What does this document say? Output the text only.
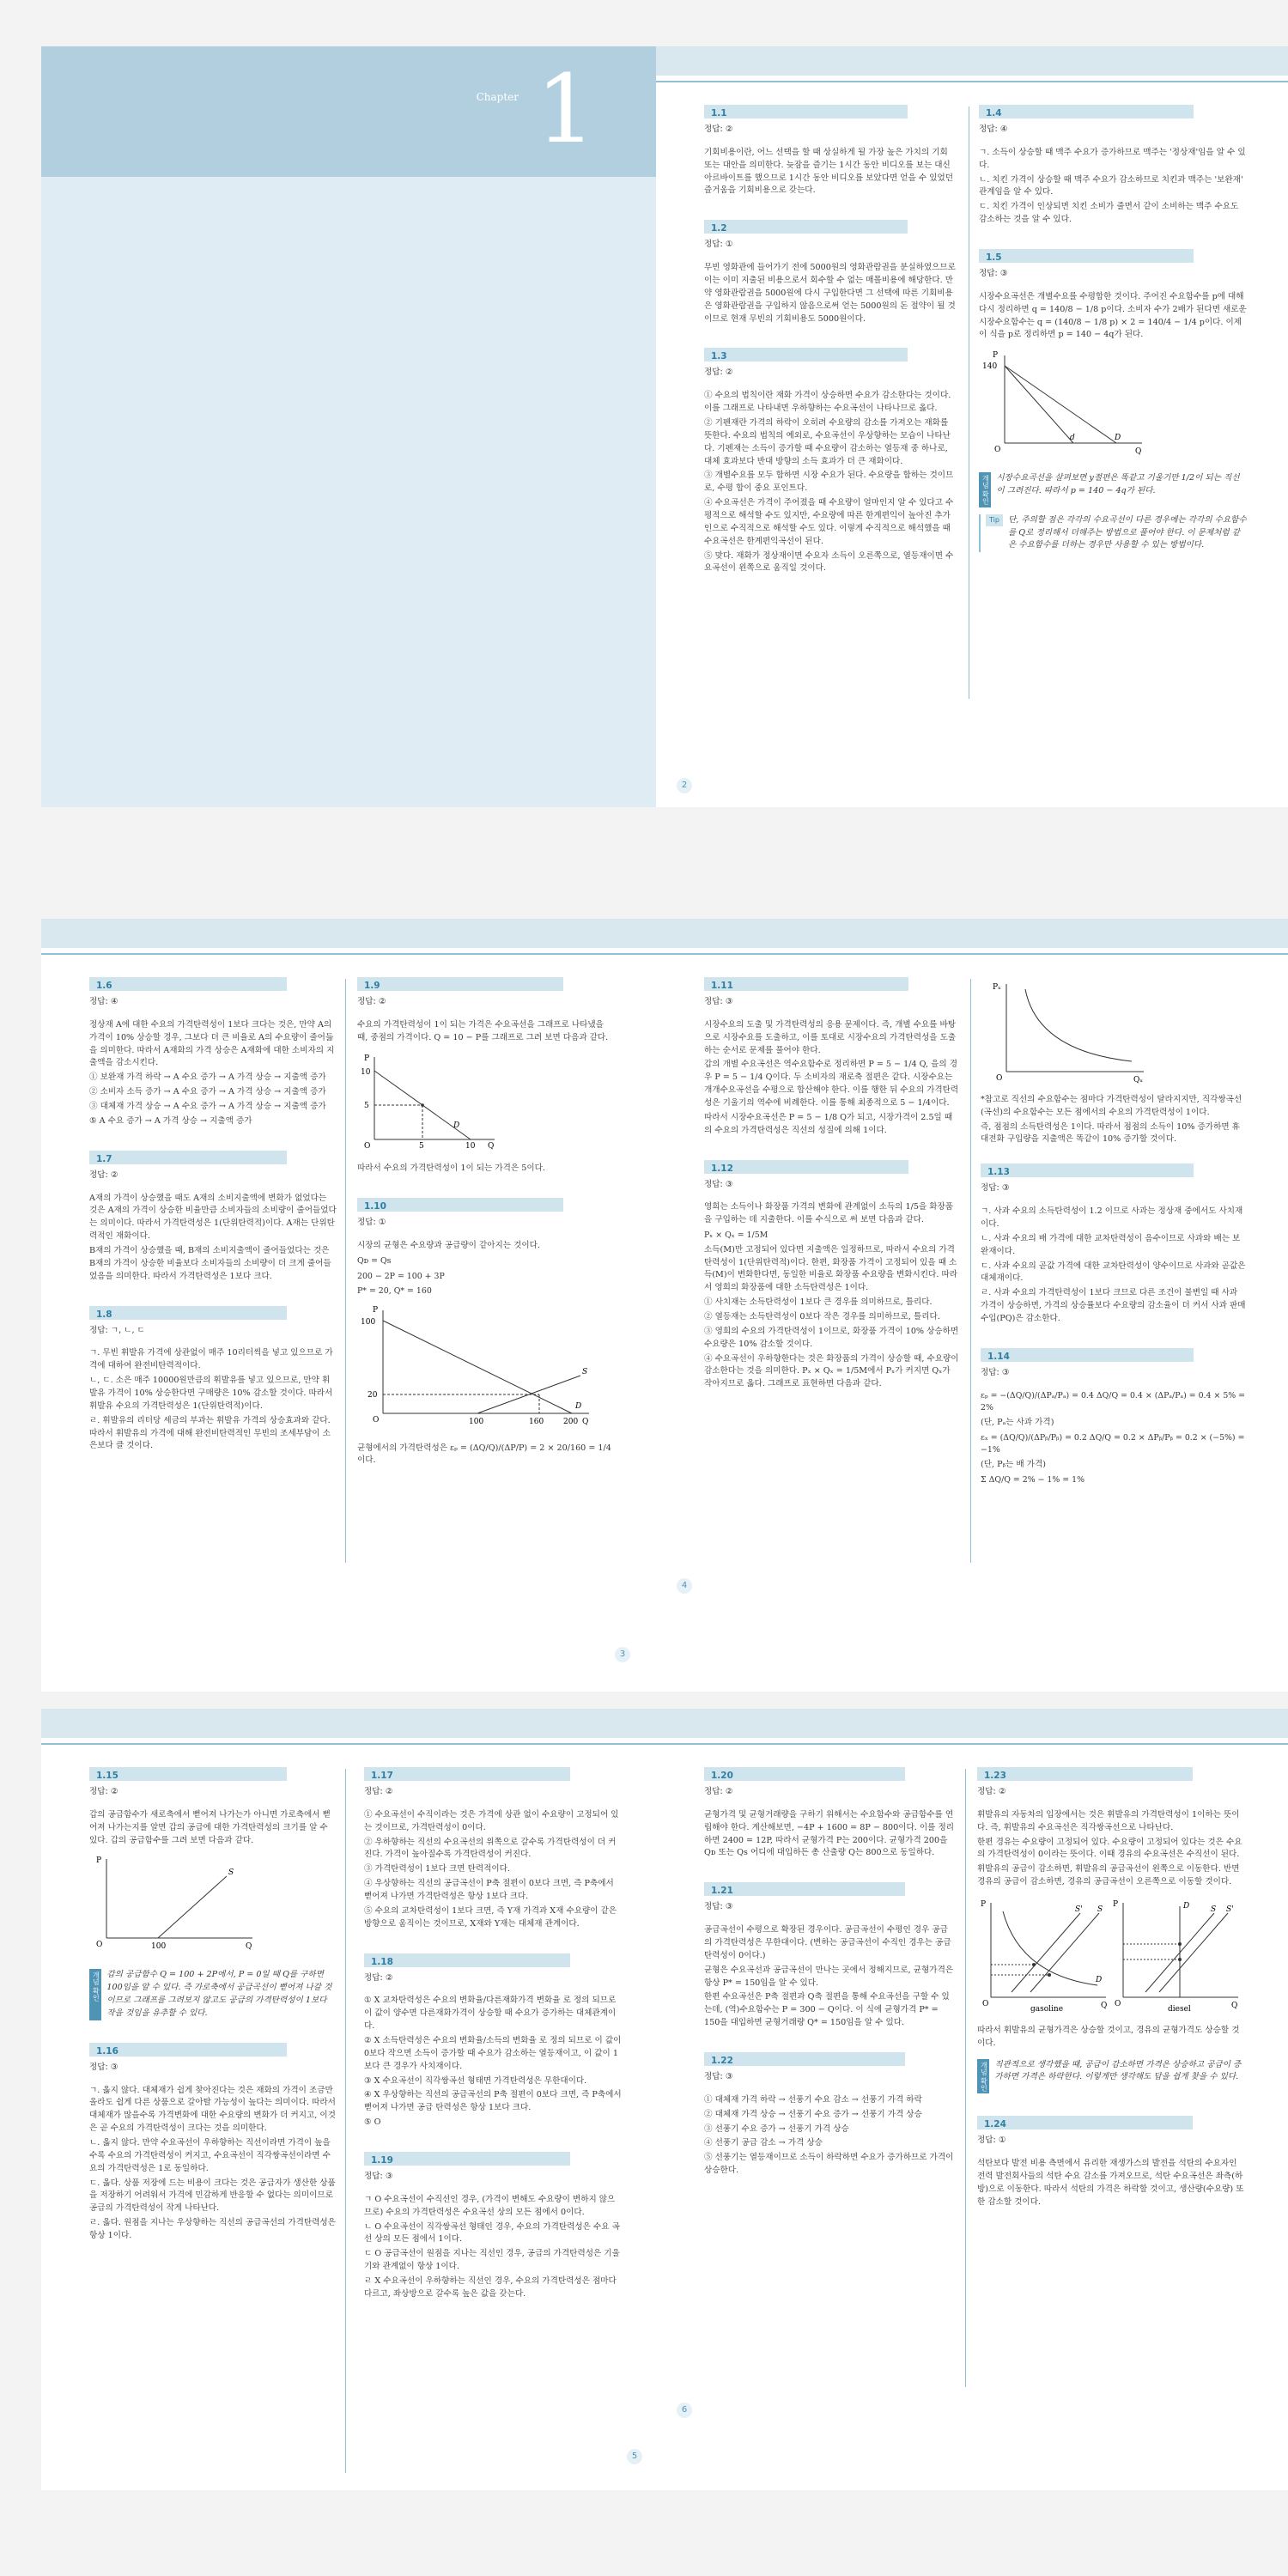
Chapter 1	1.1
정답: ②

기회비용이란, 어느 선택을 할 때 상실하게 될 가장 높은 가치의 기회 또는 대안을 의미한다. 늦잠을 즐기는 1시간 동안 비디오를 보는 대신 아르바이트를 했으므로 1시간 동안 비디오를 보았다면 얻을 수 있었던 즐거움을 기회비용으로 갖는다.

1.2
정답: ①

무빈 영화관에 들어가기 전에 5000원의 영화관람권을 분실하였으므로 이는 이미 지출된 비용으로서 회수할 수 없는 매몰비용에 해당한다. 만약 영화관람권을 5000원에 다시 구입한다면 그 선택에 따른 기회비용은 영화관람권을 구입하지 않음으로써 얻는 5000원의 돈 절약이 될 것이므로 현재 무빈의 기회비용도 5000원이다.

1.3
정답: ②

① 수요의 법칙이란 재화 가격이 상승하면 수요가 감소한다는 것이다. 이를 그래프로 나타내면 우하향하는 수요곡선이 나타나므로 옳다.

② 기펜재란 가격의 하락이 오히려 수요량의 감소를 가져오는 재화를 뜻한다. 수요의 법칙의 예외로, 수요곡선이 우상향하는 모습이 나타난다. 기펜재는 소득이 증가할 때 수요량이 감소하는 열등재 중 하나로, 대체 효과보다 반대 방향의 소득 효과가 더 큰 재화이다.

③ 개별수요를 모두 합하면 시장 수요가 된다. 수요량을 합하는 것이므로, 수평 합이 중요 포인트다.

④ 수요곡선은 가격이 주어졌을 때 수요량이 얼마인지 알 수 있다고 수평적으로 해석할 수도 있지만, 수요량에 따른 한계편익이 높아진 추가인으로 수직적으로 해석할 수도 있다. 이렇게 수직적으로 해석했을 때 수요곡선은 한계편익곡선이 된다.

⑤ 맞다. 재화가 정상재이면 수요자 소득이 오른쪽으로, 열등재이면 수요곡선이 왼쪽으로 움직일 것이다.

1.4
정답: ④

ㄱ. 소득이 상승할 때 맥주 수요가 증가하므로 맥주는 '정상재'임을 알 수 있다.

ㄴ. 치킨 가격이 상승할 때 맥주 수요가 감소하므로 치킨과 맥주는 '보완재' 관계임을 알 수 있다.

ㄷ. 치킨 가격이 인상되면 치킨 소비가 줄면서 같이 소비하는 맥주 수요도 감소하는 것을 알 수 있다.

1.5
정답: ③

시장수요곡선은 개별수요를 수평합한 것이다. 주어진 수요함수를 p에 대해 다시 정리하면 q = 140/8 − 1/8 p이다. 소비자 수가 2배가 된다면 새로운 시장수요함수는 q = (140/8 − 1/8 p) × 2 = 140/4 − 1/4 p이다. 이제 이 식을 p로 정리하면 p = 140 − 4q가 된다.

P
140
O
d	D
Q
개념 확인 시장수요곡선을 살펴보면 y절편은 똑같고 기울기만 1/2이 되는 직선이 그려진다. 따라서 p = 140 − 4q가 된다.
Tip	단, 주의할 점은 각각의 수요곡선이 다른 경우에는 각각의 수요함수를 Q로 정리해서 더해주는 방법으로 풀어야 한다. 이 문제처럼 같은 수요함수를 더하는 경우만 사용할 수 있는 방법이다.
2
1.6
정답: ④

정상재 A에 대한 수요의 가격탄력성이 1보다 크다는 것은, 만약 A의 가격이 10% 상승할 경우, 그보다 더 큰 비율로 A의 수요량이 줄어듦을 의미한다. 따라서 A재화의 가격 상승은 A재화에 대한 소비자의 지출액을 감소시킨다.

① 보완재 가격 하락 → A 수요 증가 → A 가격 상승 → 지출액 증가

② 소비자 소득 증가 → A 수요 증가 → A 가격 상승 → 지출액 증가

③ 대체재 가격 상승 → A 수요 증가 → A 가격 상승 → 지출액 증가

⑤ A 수요 증가 → A 가격 상승 → 지출액 증가

1.7
정답: ②

A재의 가격이 상승했을 때도 A재의 소비지출액에 변화가 없었다는 것은 A재의 가격이 상승한 비율만큼 소비자들의 소비량이 줄어들었다는 의미이다. 따라서 가격탄력성은 1(단위탄력적)이다. A재는 단위탄력적인 재화이다.

B재의 가격이 상승했을 때, B재의 소비지출액이 줄어들었다는 것은 B재의 가격이 상승한 비율보다 소비자들의 소비량이 더 크게 줄어들었음을 의미한다. 따라서 가격탄력성은 1보다 크다.

1.8
정답: ㄱ, ㄴ, ㄷ

ㄱ. 무빈 휘발유 가격에 상관없이 매주 10리터씩을 넣고 있으므로 가격에 대하여 완전비탄력적이다.

ㄴ, ㄷ. 소은 매주 10000원만큼의 휘발유를 넣고 있으므로, 만약 휘발유 가격이 10% 상승한다면 구매량은 10% 감소할 것이다. 따라서 휘발유 수요의 가격탄력성은 1(단위탄력적)이다.

ㄹ. 휘발유의 리터당 세금의 부과는 휘발유 가격의 상승효과와 같다. 따라서 휘발유의 가격에 대해 완전비탄력적인 무빈의 조세부담이 소은보다 클 것이다.

1.9
정답: ②

수요의 가격탄력성이 1이 되는 가격은 수요곡선을 그래프로 나타냈을 때, 중점의 가격이다. Q = 10 − P를 그래프로 그려 보면 다음과 같다.

P
10
5
O	5	10 Q
D

따라서 수요의 가격탄력성이 1이 되는 가격은 5이다.

1.10
정답: ①

시장의 균형은 수요량과 공급량이 같아지는 것이다.

Qᴅ = Qs

200 − 2P = 100 + 3P

P* = 20, Q* = 160

P
100
20
O	100	160	200 Q
S
D

균형에서의 가격탄력성은 εₚ = (ΔQ/Q)/(ΔP/P) = 2 × 20/160 = 1/4 이다.

3
1.11
정답: ③

시장수요의 도출 및 가격탄력성의 응용 문제이다. 즉, 개별 수요를 바탕으로 시장수요를 도출하고, 이를 토대로 시장수요의 가격탄력성을 도출하는 순서로 문제를 풀어야 한다.

갑의 개별 수요곡선은 역수요함수로 정리하면 P = 5 − 1/4 Q, 을의 경우 P = 5 − 1/4 Q이다. 두 소비자의 재로축 절편은 같다. 시장수요는 개개수요곡선을 수평으로 합산해야 한다. 이를 행한 뒤 수요의 가격탄력성은 기울기의 역수에 비례한다. 이를 통해 최종적으로 5 − 1/4이다.

따라서 시장수요곡선은 P = 5 − 1/8 Q가 되고, 시장가격이 2.5일 때의 수요의 가격탄력성은 직선의 성질에 의해 1이다.

1.12
정답: ③

영희는 소득이나 화장품 가격의 변화에 관계없이 소득의 1/5을 화장품을 구입하는 데 지출한다. 이를 수식으로 써 보면 다음과 같다.

Pₓ × Qₓ = 1/5M

소득(M)만 고정되어 있다면 지출액은 일정하므로, 따라서 수요의 가격탄력성이 1(단위탄력적)이다. 한편, 화장품 가격이 고정되어 있을 때 소득(M)이 변화한다면, 동일한 비율로 화장품 수요량을 변화시킨다. 따라서 영희의 화장품에 대한 소득탄력성은 1이다.

① 사치재는 소득탄력성이 1보다 큰 경우를 의미하므로, 틀리다.

② 열등재는 소득탄력성이 0보다 작은 경우를 의미하므로, 틀리다.

③ 영희의 수요의 가격탄력성이 1이므로, 화장품 가격이 10% 상승하면 수요량은 10% 감소할 것이다.

④ 수요곡선이 우하향한다는 것은 화장품의 가격이 상승할 때, 수요량이 감소한다는 것을 의미한다. Pₓ × Qₓ = 1/5M에서 Pₓ가 커지면 Qₓ가 작아지므로 옳다. 그래프로 표현하면 다음과 같다.

Pₓ
O	Qₓ

*참고로 직선의 수요함수는 점마다 가격탄력성이 달라지지만, 직각쌍곡선(곡선)의 수요함수는 모든 점에서의 수요의 가격탄력성이 1이다.

즉, 점점의 소득탄력성은 1이다. 따라서 점점의 소득이 10% 증가하면 휴대전화 구입량을 지출액은 똑같이 10% 증가할 것이다.

1.13
정답: ③

ㄱ. 사과 수요의 소득탄력성이 1.2 이므로 사과는 정상재 중에서도 사치재이다.

ㄴ. 사과 수요의 배 가격에 대한 교차탄력성이 음수이므로 사과와 배는 보완재이다.

ㄷ. 사과 수요의 곧값 가격에 대한 교차탄력성이 양수이므로 사과와 곧값은 대체재이다.

ㄹ. 사과 수요의 가격탄력성이 1보다 크므로 다른 조건이 불변일 때 사과 가격이 상승하면, 가격의 상승률보다 수요량의 감소율이 더 커서 사과 판매수입(PQ)은 감소한다.

1.14
정답: ③

εₚ = −(ΔQ/Q)/(ΔPₐ/Pₐ) = 0.4 ΔQ/Q = 0.4 × (ΔPₐ/Pₐ) = 0.4 × 5% = 2%

(단, Pₐ는 사과 가격)

εₓ = (ΔQ/Q)/(ΔPᵦ/Pᵦ) = 0.2 ΔQ/Q = 0.2 × ΔPᵦ/Pᵦ = 0.2 × (−5%) = −1%

(단, Pᵦ는 배 가격)

Σ ΔQ/Q = 2% − 1% = 1%

4
1.15
정답: ②

갑의 공급함수가 새로축에서 뻗어져 나가는가 아니면 가로축에서 뻗어져 나가는지를 알면 갑의 공급에 대한 가격탄력성의 크기를 알 수 있다. 갑의 공급함수를 그려 보면 다음과 같다.

P
O	100	Q
S
개념 확인 갑의 공급함수 Q = 100 + 2P에서, P = 0일 때 Q를 구하면 100임을 알 수 있다. 즉 가로축에서 공급곡선이 뻗어져 나갈 것이므로 그래프를 그려보지 않고도 공급의 가격탄력성이 1보다 작을 것임을 유추할 수 있다.
1.16
정답: ③

ㄱ. 옳지 않다. 대체재가 쉽게 찾아진다는 것은 재화의 가격이 조금만 올라도 쉽게 다른 상품으로 갈아탈 가능성이 높다는 의미이다. 따라서 대체재가 많을수록 가격변화에 대한 수요량의 변화가 더 커지고, 이것은 곧 수요의 가격탄력성이 크다는 것을 의미한다.

ㄴ. 옳지 않다. 만약 수요곡선이 우하향하는 직선이라면 가격이 높을수록 수요의 가격탄력성이 커지고, 수요곡선이 직각쌍곡선이라면 수요의 가격탄력성은 1로 동일하다.

ㄷ. 옳다. 상품 저장에 드는 비용이 크다는 것은 공급자가 생산한 상품을 저장하기 어려워서 가격에 민감하게 반응할 수 없다는 의미이므로 공급의 가격탄력성이 작게 나타난다.

ㄹ. 옳다. 원점을 지나는 우상향하는 직선의 공급곡선의 가격탄력성은 항상 1이다.

1.17
정답: ②

① 수요곡선이 수직이라는 것은 가격에 상관 없이 수요량이 고정되어 있는 것이므로, 가격탄력성이 0이다.

② 우하향하는 직선의 수요곡선의 위쪽으로 갈수록 가격탄력성이 더 커진다. 가격이 높아질수록 가격탄력성이 커진다.

③ 가격탄력성이 1보다 크면 탄력적이다.

④ 우상향하는 직선의 공급곡선이 P축 절편이 0보다 크면, 즉 P축에서 뻗어져 나가면 가격탄력성은 항상 1보다 크다.

⑤ 수요의 교차탄력성이 1보다 크면, 즉 Y재 가격과 X재 수요량이 같은 방향으로 움직이는 것이므로, X재와 Y재는 대체재 관계이다.

1.18
정답: ②

① X 교차탄력성은 수요의 변화율/다른재화가격 변화율 로 정의 되므로 이 값이 양수면 다른재화가격이 상승할 때 수요가 증가하는 대체관계이다.

② X 소득탄력성은 수요의 변화율/소득의 변화율 로 정의 되므로 이 값이 0보다 작으면 소득이 증가할 때 수요가 감소하는 열등재이고, 이 값이 1보다 큰 경우가 사치재이다.

③ X 수요곡선이 직각쌍곡선 형태면 가격탄력성은 무한대이다.

④ X 우상향하는 직선의 공급곡선의 P축 절편이 0보다 크면, 즉 P축에서 뻗어져 나가면 공급 탄력성은 항상 1보다 크다.

⑤ O

1.19
정답: ③

ㄱ O 수요곡선이 수직선인 경우, (가격이 변해도 수요량이 변하지 않으므로) 수요의 가격탄력성은 수요곡선 상의 모든 점에서 0이다.

ㄴ O 수요곡선이 직각쌍곡선 형태인 경우, 수요의 가격탄력성은 수요 곡선 상의 모든 점에서 1이다.

ㄷ O 공급곡선이 원점을 지나는 직선인 경우, 공급의 가격탄력성은 기울기와 관계없이 항상 1이다.

ㄹ X 수요곡선이 우하향하는 직선인 경우, 수요의 가격탄력성은 점마다 다르고, 좌상방으로 갈수록 높은 값을 갖는다.

5
1.20
정답: ②

균형가격 및 균형거래량을 구하기 위해서는 수요함수와 공급함수를 연립해야 한다. 계산해보면, −4P + 1600 = 8P − 800이다. 이를 정리하면 2400 = 12P, 따라서 균형가격 P는 200이다. 균형가격 200을 Qᴅ 또는 Qs 어디에 대입하든 총 산출량 Q는 800으로 동일하다.

1.21
정답: ③

공급곡선이 수평으로 확장된 경우이다. 공급곡선이 수평인 경우 공급의 가격탄력성은 무한대이다. (변하는 공급곡선이 수직인 경우는 공급탄력성이 0이다.)

균형은 수요곡선과 공급곡선이 만나는 곳에서 정해지므로, 균형가격은 항상 P* = 150임을 알 수 있다.

한편 수요곡선은 P축 절편과 Q축 절편을 통해 수요곡선을 구할 수 있는데, (역)수요함수는 P = 300 − Q이다. 이 식에 균형가격 P* = 150을 대입하면 균형거래량 Q* = 150임을 알 수 있다.

1.22
정답: ③

① 대체재 가격 하락 → 선풍기 수요 감소 → 선풍기 가격 하락

② 대체재 가격 상승 → 선풍기 수요 증가 → 선풍기 가격 상승

③ 선풍기 수요 증가 → 선풍기 가격 상승

④ 선풍기 공급 감소 → 가격 상승

⑤ 선풍기는 열등재이므로 소득이 하락하면 수요가 증가하므로 가격이 상승한다.

1.23
정답: ②

휘발유의 자동차의 입장에서는 것은 휘발유의 가격탄력성이 1이하는 뜻이다. 즉, 휘발유의 수요곡선은 직각쌍곡선으로 나타난다.

한편 경유는 수요량이 고정되어 있다. 수요량이 고정되어 있다는 것은 수요의 가격탄력성이 0이라는 뜻이다. 이때 경유의 수요곡선은 수직선이 된다.

휘발유의 공급이 감소하면, 휘발유의 공급곡선이 왼쪽으로 이동한다. 반면 경유의 공급이 감소하면, 경유의 공급곡선이 오른쪽으로 이동할 것이다.

P
O
S' S
D
Q
gasoline
P
O
S S'
D
Q
diesel

따라서 휘발유의 균형가격은 상승할 것이고, 경유의 균형가격도 상승할 것이다.

개념 확인 직관적으로 생각했을 때, 공급이 감소하면 가격은 상승하고 공급이 증가하면 가격은 하락한다. 이렇게만 생각해도 답을 쉽게 찾을 수 있다.
1.24
정답: ①

석탄보다 발전 비용 측면에서 유리한 재생가스의 발전을 석탄의 수요자인 전력 발전회사들의 석탄 수요 감소를 가져오므로, 석탄 수요곡선은 좌측(하방)으로 이동한다. 따라서 석탄의 가격은 하락할 것이고, 생산량(수요량) 또한 감소할 것이다.

6
